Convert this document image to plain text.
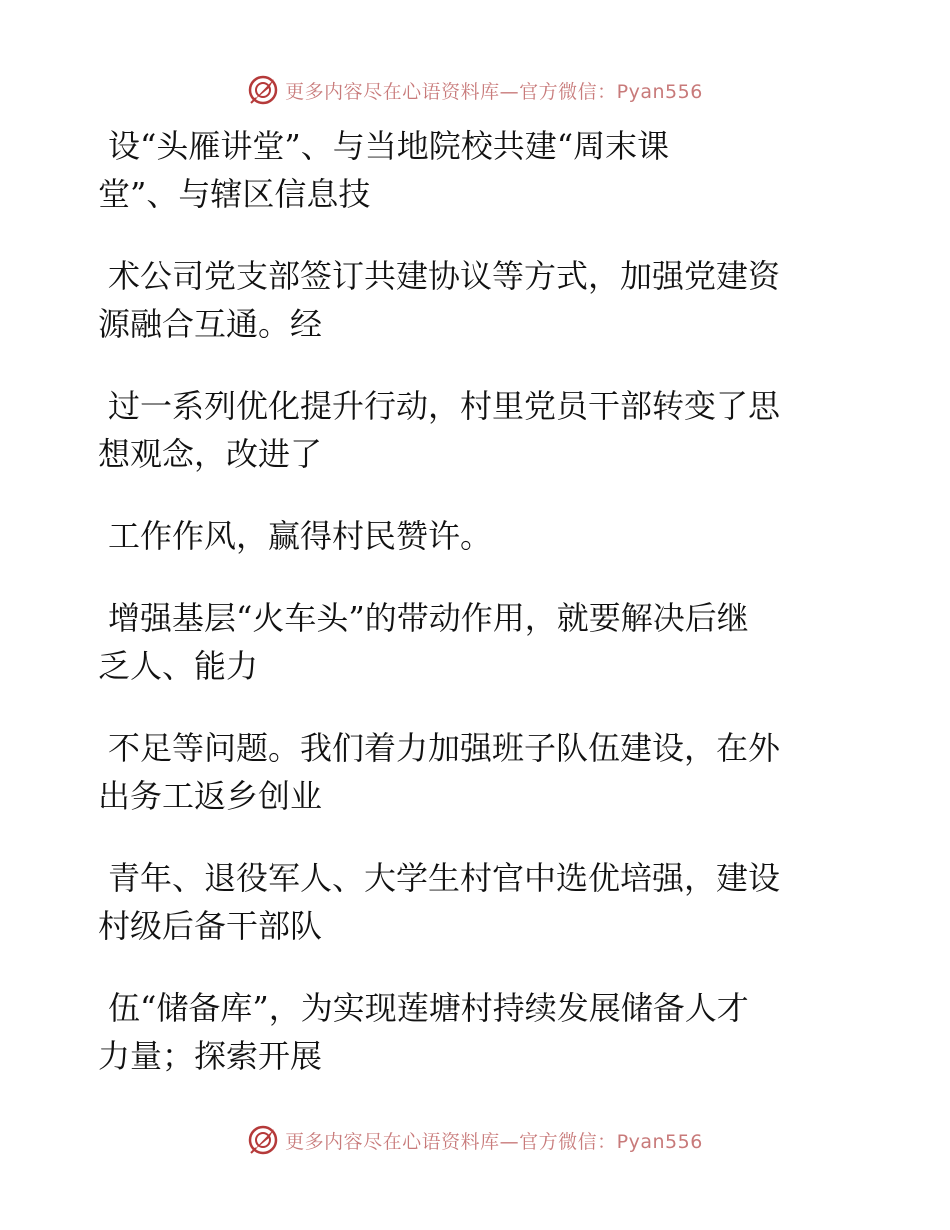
更多内容尽在心语资料库—官方微信：Pyan556

设“头雁讲堂”、与当地院校共建“周末课
堂”、与辖区信息技

术公司党支部签订共建协议等方式，加强党建资
源融合互通。经

过一系列优化提升行动，村里党员干部转变了思
想观念，改进了

工作作风，赢得村民赞许。

增强基层“火车头”的带动作用，就要解决后继
乏人、能力

不足等问题。我们着力加强班子队伍建设，在外
出务工返乡创业

青年、退役军人、大学生村官中选优培强，建设
村级后备干部队

伍“储备库”，为实现莲塘村持续发展储备人才
力量；探索开展

更多内容尽在心语资料库—官方微信：Pyan556
